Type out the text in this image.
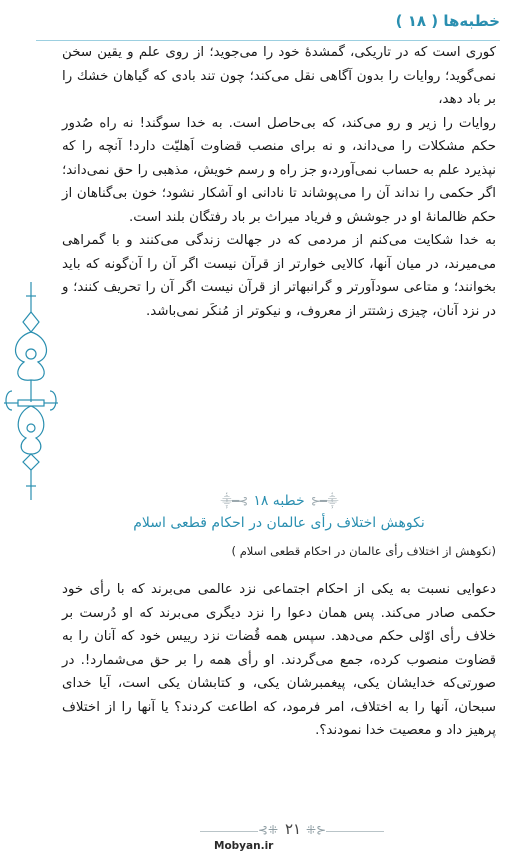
خطبه‌ها ( ۱۸ )

کوری است که در تاریکی، گمشدهٔ خود را می‌جوید؛ از روی علم و یقین سخن نمی‌گوید؛ روایات را بدون آگاهی نقل می‌کند؛ چون تند بادی که گیاهان خشك را بر باد دهد،

روایات را زیر و رو می‌کند، که بی‌حاصل است. به خدا سوگند! نه راه صُدور حکم مشکلات را می‌داند، و نه برای منصب قضاوت اَهلیّت دارد! آنچه را که نپذیرد علم به حساب نمی‌آورد،و جز راه و رسم خویش، مذهبی را حق نمی‌داند؛ اگر حکمی را نداند آن را می‌پوشاند تا نادانی او آشکار نشود؛ خون بی‌گناهان از حکم ظالمانهٔ او در جوشش و فریاد میراث بر باد رفتگان بلند است.

به خدا شکایت می‌کنم از مردمی که در جهالت زندگی می‌کنند و با گمراهی می‌میرند، در میان آنها، کالایی خوارتر از قرآن نیست اگر آن را آن‌گونه که باید بخوانند؛ و متاعی سودآورتر و گرانبهاتر از قرآن نیست اگر آن را تحریف کنند؛ و در نزد آنان، چیزی زشتتر از معروف، و نیکوتر از مُنکَر نمی‌باشد.

⸎━⊰
خطبه ۱۸
⊱━⸎
نکوهش اختلاف رأی عالمان در احکام قطعی اسلام
(نکوهش از اختلاف رأی عالمان در احکام قطعی اسلام )

دعوایی نسبت به یکی از احکام اجتماعی نزد عالمی می‌برند که با رأی خود حکمی صادر می‌کند. پس همان دعوا را نزد دیگری می‌برند که او دُرست بر خلاف رأی اوّلی حکم می‌دهد. سپس همه قُضات نزد رییس خود که آنان را به قضاوت منصوب کرده، جمع می‌گردند. او رأی همه را بر حق می‌شمارد!. در صورتی‌که خدایشان یکی، پیغمبرشان یکی، و کتابشان یکی است، آیا خدای سبحان، آنها را به اختلاف، امر فرمود، که اطاعت کردند؟ یا آنها را از اختلاف پرهیز داد و معصیت خدا نمودند؟.

⊰⁜ ۲۱ ⁜⊱
Mobyan.ir
